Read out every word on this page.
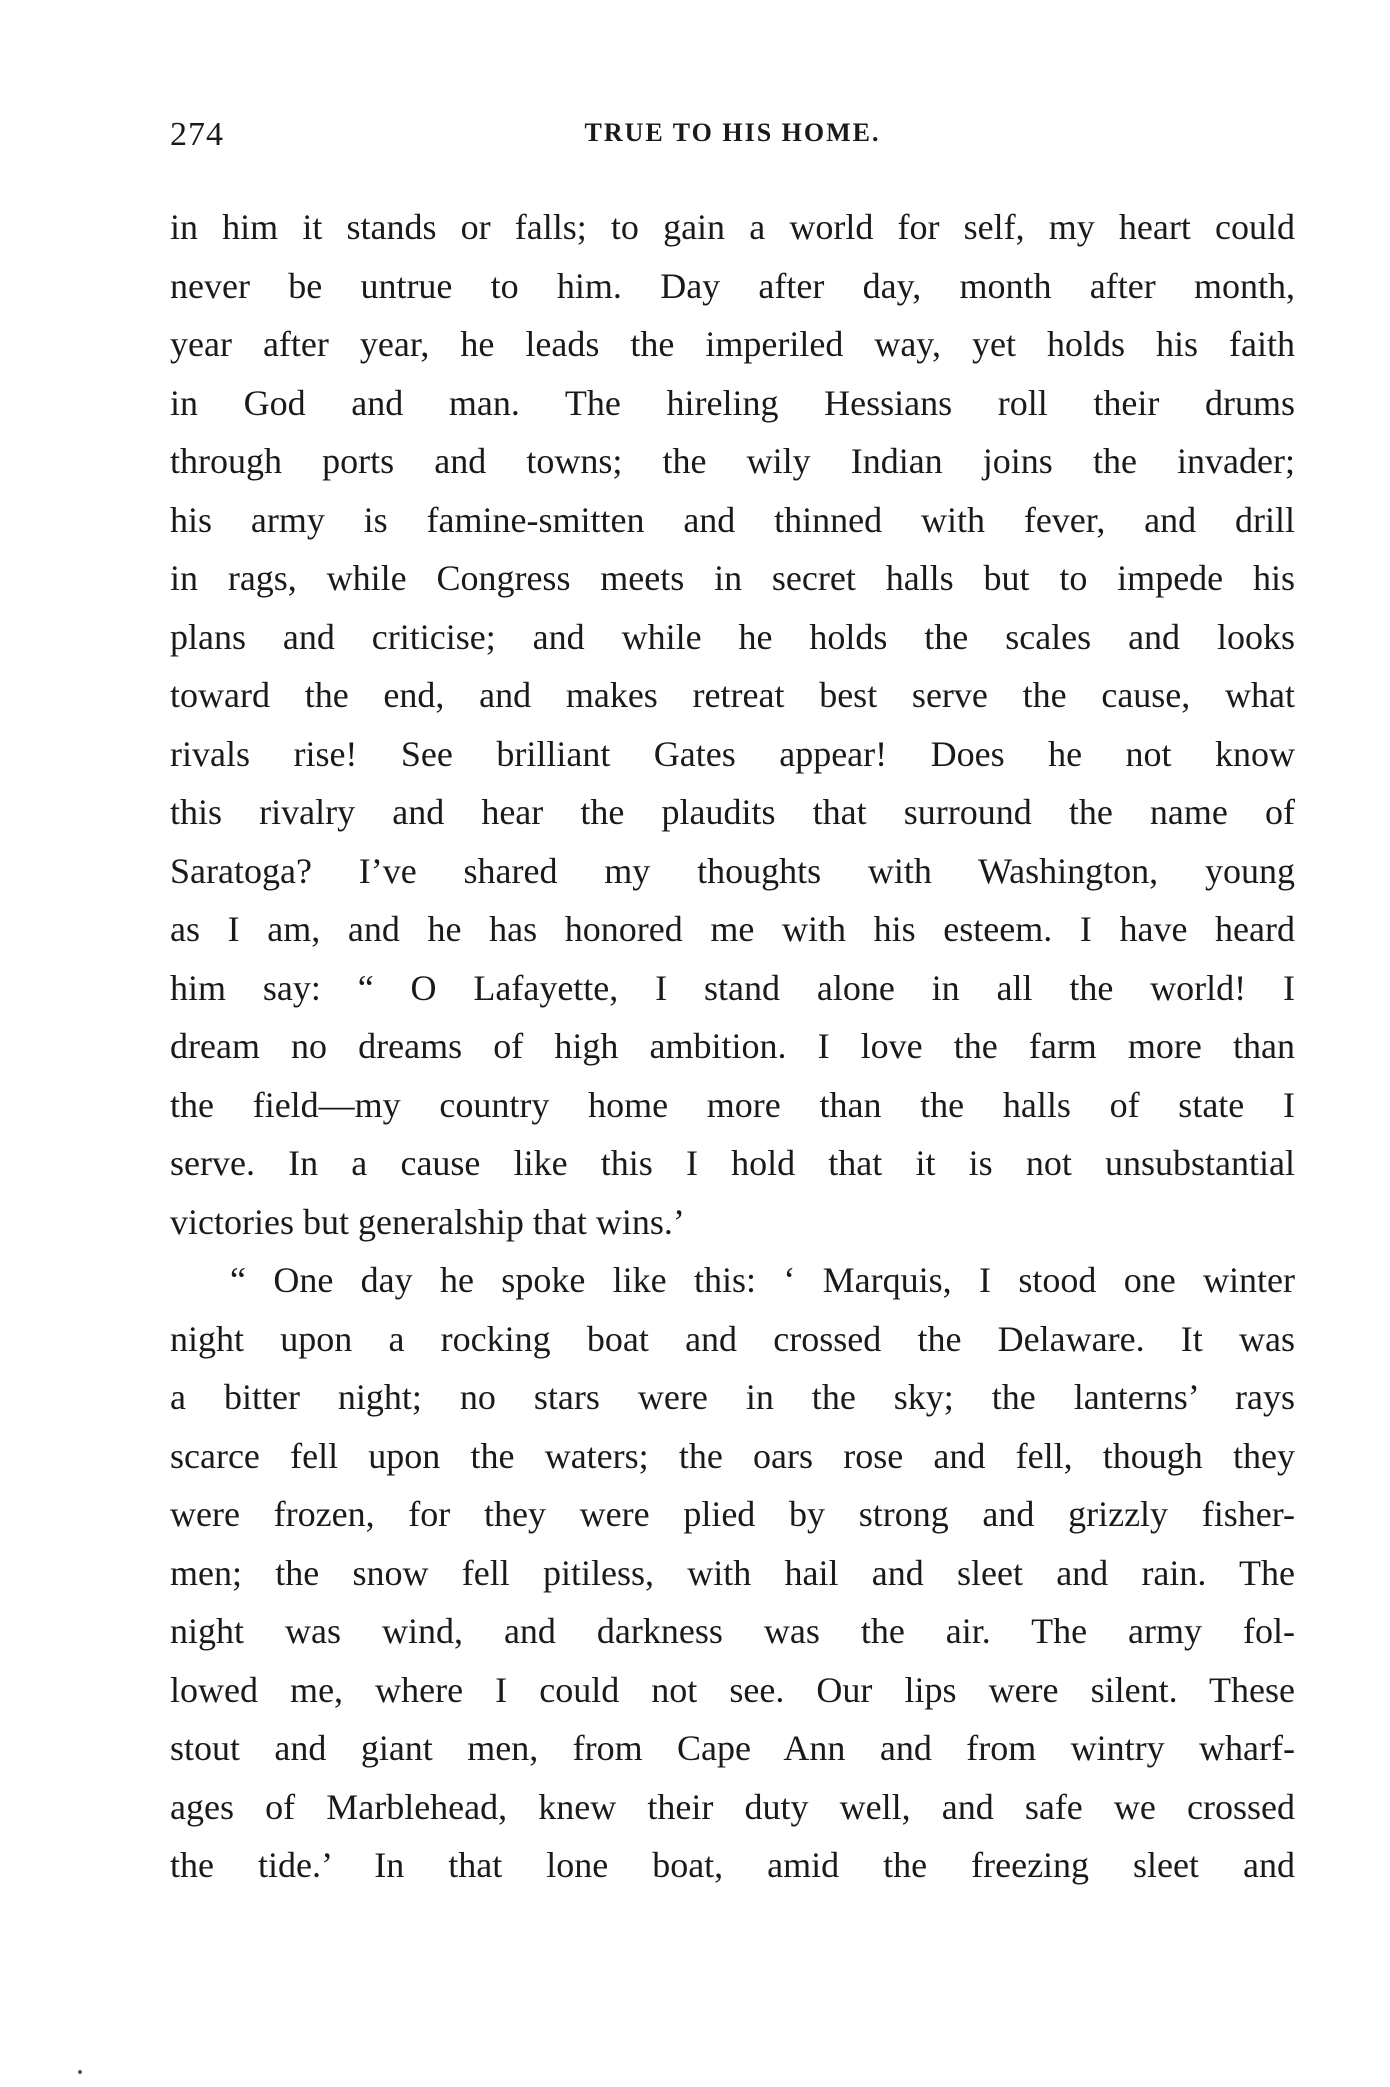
274	TRUE TO HIS HOME.
in him it stands or falls; to gain a world for self, my heart could
never be untrue to him. Day after day, month after month,
year after year, he leads the imperiled way, yet holds his faith
in God and man. The hireling Hessians roll their drums
through ports and towns; the wily Indian joins the invader;
his army is famine-smitten and thinned with fever, and drill
in rags, while Congress meets in secret halls but to impede his
plans and criticise; and while he holds the scales and looks
toward the end, and makes retreat best serve the cause, what
rivals rise! See brilliant Gates appear! Does he not know
this rivalry and hear the plaudits that surround the name of
Saratoga? I’ve shared my thoughts with Washington, young
as I am, and he has honored me with his esteem. I have heard
him say: “ O Lafayette, I stand alone in all the world! I
dream no dreams of high ambition. I love the farm more than
the field—my country home more than the halls of state I
serve. In a cause like this I hold that it is not unsubstantial
victories but generalship that wins.’
“ One day he spoke like this: ‘ Marquis, I stood one winter
night upon a rocking boat and crossed the Delaware. It was
a bitter night; no stars were in the sky; the lanterns’ rays
scarce fell upon the waters; the oars rose and fell, though they
were frozen, for they were plied by strong and grizzly fisher-
men; the snow fell pitiless, with hail and sleet and rain. The
night was wind, and darkness was the air. The army fol-
lowed me, where I could not see. Our lips were silent. These
stout and giant men, from Cape Ann and from wintry wharf-
ages of Marblehead, knew their duty well, and safe we crossed
the tide.’ In that lone boat, amid the freezing sleet and
